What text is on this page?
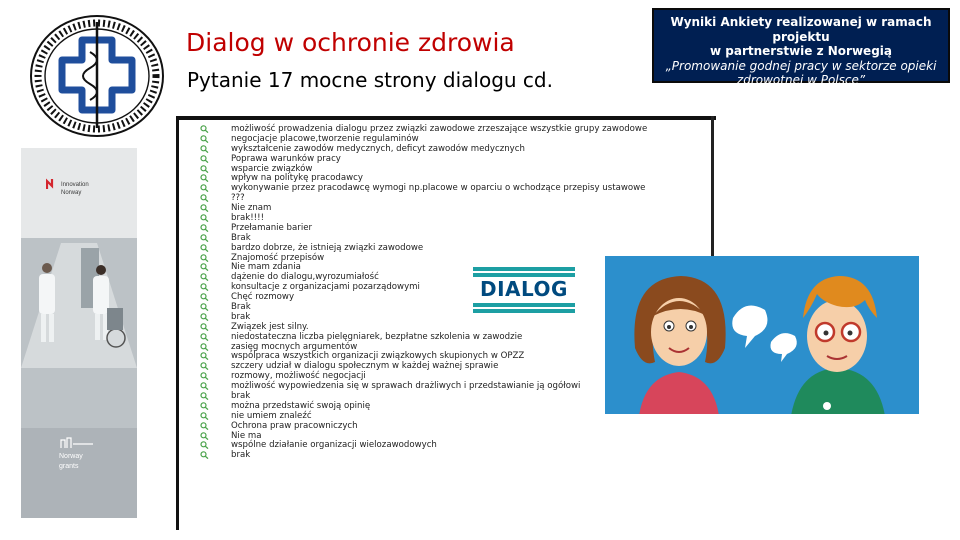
Dialog w ochronie zdrowia
Pytanie 17 mocne strony dialogu cd.
Wyniki Ankiety realizowanej w ramach projektu
w partnerstwie z Norwegią
„Promowanie godnej pracy w sektorze opieki
zdrowotnej w Polsce”
Innovation
Norway
Norway
grants
możliwość prowadzenia dialogu przez związki zawodowe zrzeszające wszystkie grupy zawodowe
negocjacje placowe,tworzenie regulaminów
wykształcenie zawodów medycznych, deficyt zawodów medycznych
Poprawa warunków pracy
wsparcie związków
wpływ na politykę pracodawcy
wykonywanie przez pracodawcę wymogi np.placowe w oparciu o wchodzące przepisy ustawowe
???
Nie znam
brak!!!!
Przełamanie barier
Brak
bardzo dobrze, że istnieją związki zawodowe
Znajomość przepisów
Nie mam zdania
dążenie do dialogu,wyrozumiałość
konsultacje z organizacjami pozarządowymi
Chęć rozmowy
Brak
brak
Związek jest silny.
niedostateczna liczba pielęgniarek, bezpłatne szkolenia w zawodzie
zasięg mocnych argumentów
wspólpraca wszystkich organizacji związkowych skupionych w OPZZ
szczery udział w dialogu społecznym w każdej ważnej sprawie
rozmowy, możliwość negocjacji
możliwość wypowiedzenia się w sprawach drażliwych i przedstawianie ją ogółowi
brak
można przedstawić swoją opinię
nie umiem znaleźć
Ochrona praw pracowniczych
Nie ma
wspólne działanie organizacji wielozawodowych
brak
DIALOG
